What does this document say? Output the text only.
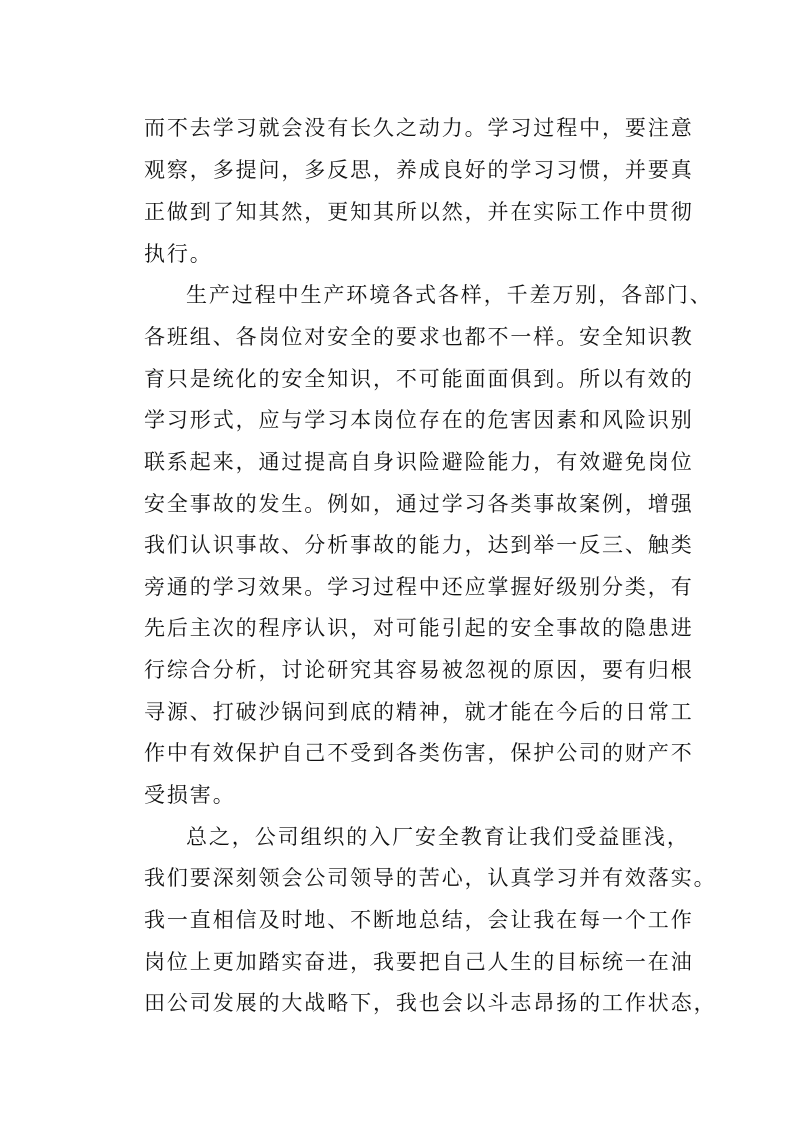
而不去学习就会没有长久之动力。学习过程中，要注意

观察，多提问，多反思，养成良好的学习习惯，并要真

正做到了知其然，更知其所以然，并在实际工作中贯彻

执行。

生产过程中生产环境各式各样，千差万别，各部门、

各班组、各岗位对安全的要求也都不一样。安全知识教

育只是统化的安全知识，不可能面面俱到。所以有效的

学习形式，应与学习本岗位存在的危害因素和风险识别

联系起来，通过提高自身识险避险能力，有效避免岗位

安全事故的发生。例如，通过学习各类事故案例，增强

我们认识事故、分析事故的能力，达到举一反三、触类

旁通的学习效果。学习过程中还应掌握好级别分类，有

先后主次的程序认识，对可能引起的安全事故的隐患进

行综合分析，讨论研究其容易被忽视的原因，要有归根

寻源、打破沙锅问到底的精神，就才能在今后的日常工

作中有效保护自己不受到各类伤害，保护公司的财产不

受损害。

总之，公司组织的入厂安全教育让我们受益匪浅，

我们要深刻领会公司领导的苦心，认真学习并有效落实。

我一直相信及时地、不断地总结，会让我在每一个工作

岗位上更加踏实奋进，我要把自己人生的目标统一在油

田公司发展的大战略下，我也会以斗志昂扬的工作状态，
